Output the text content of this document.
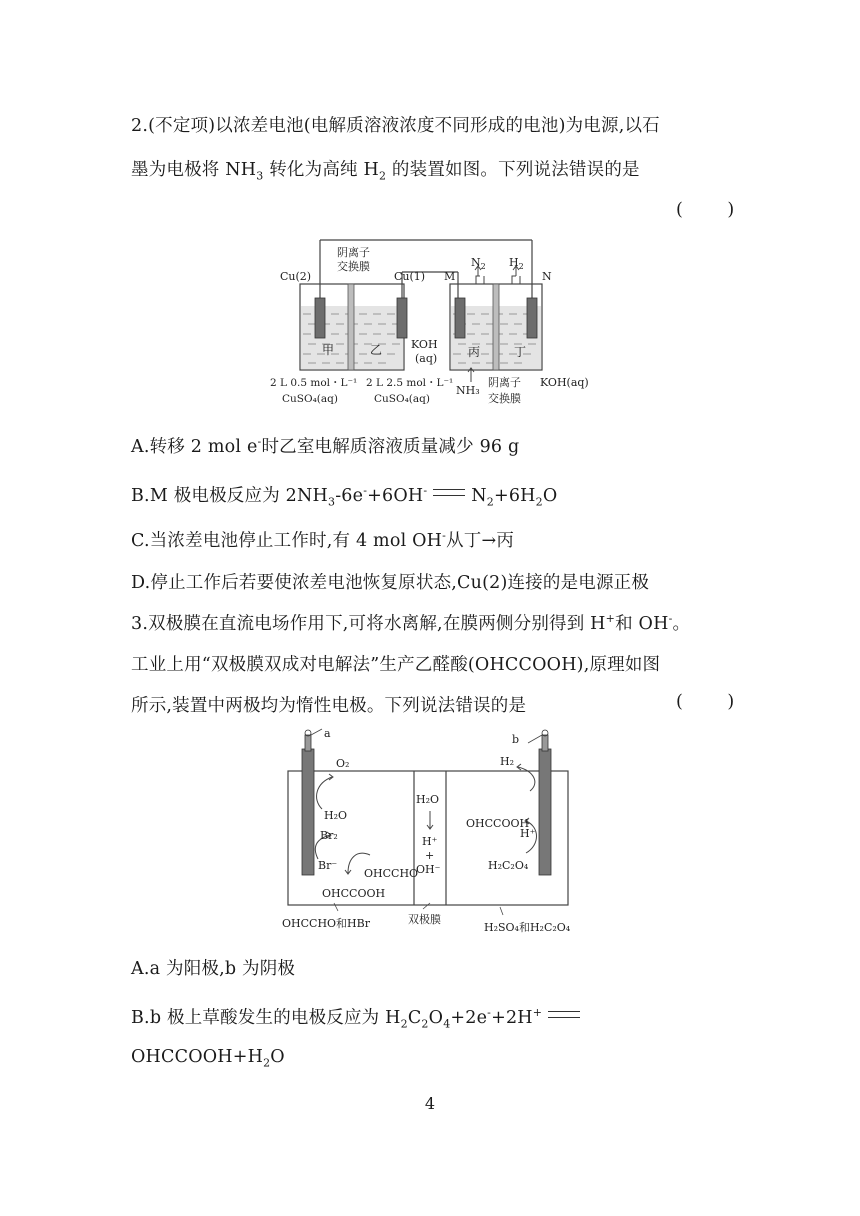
2.(不定项)以浓差电池(电解质溶液浓度不同形成的电池)为电源,以石
墨为电极将 $NH_3$ 转化为高纯 $H_2$ 的装置如图。下列说法错误的是
(        )
阴离子
交换膜
Cu(2)	Cu(1) M
$N_2$ $H_2$
N
甲	乙	KOH
(aq)	丙	丁
2 L 0.5 mol・L⁻¹
CuSO₄(aq)
2 L 2.5 mol・L⁻¹
CuSO₄(aq)
NH₃
阴离子
交换膜
KOH(aq)
A.转移 2 mol e-时乙室电解质溶液质量减少 96 g
B.M 极电极反应为 $2NH_3-6e^-+6OH^-$	$N_2+6H_2O$
C.当浓差电池停止工作时,有 4 mol OH-从丁→丙
D.停止工作后若要使浓差电池恢复原状态,Cu(2)连接的是电源正极
3.双极膜在直流电场作用下,可将水离解,在膜两侧分别得到 H+和 OH-。
工业上用“双极膜双成对电解法”生产乙醛酸(OHCCOOH),原理如图
所示,装置中两极均为惰性电极。下列说法错误的是	(        )
a
O₂
H₂O
Br₂
Br⁻
OHCCHO
OHCCOOH
H₂O
H⁺
+
OH⁻
b
H₂
H⁺
OHCCOOH
H₂C₂O₄
OHCCHO和HBr	双极膜
H₂SO₄和H₂C₂O₄
A.a 为阳极,b 为阴极
B.b 极上草酸发生的电极反应为 $H_2C_2O_4+2e^-+2H^+$
$OHCCOOH+H_2O$
4
